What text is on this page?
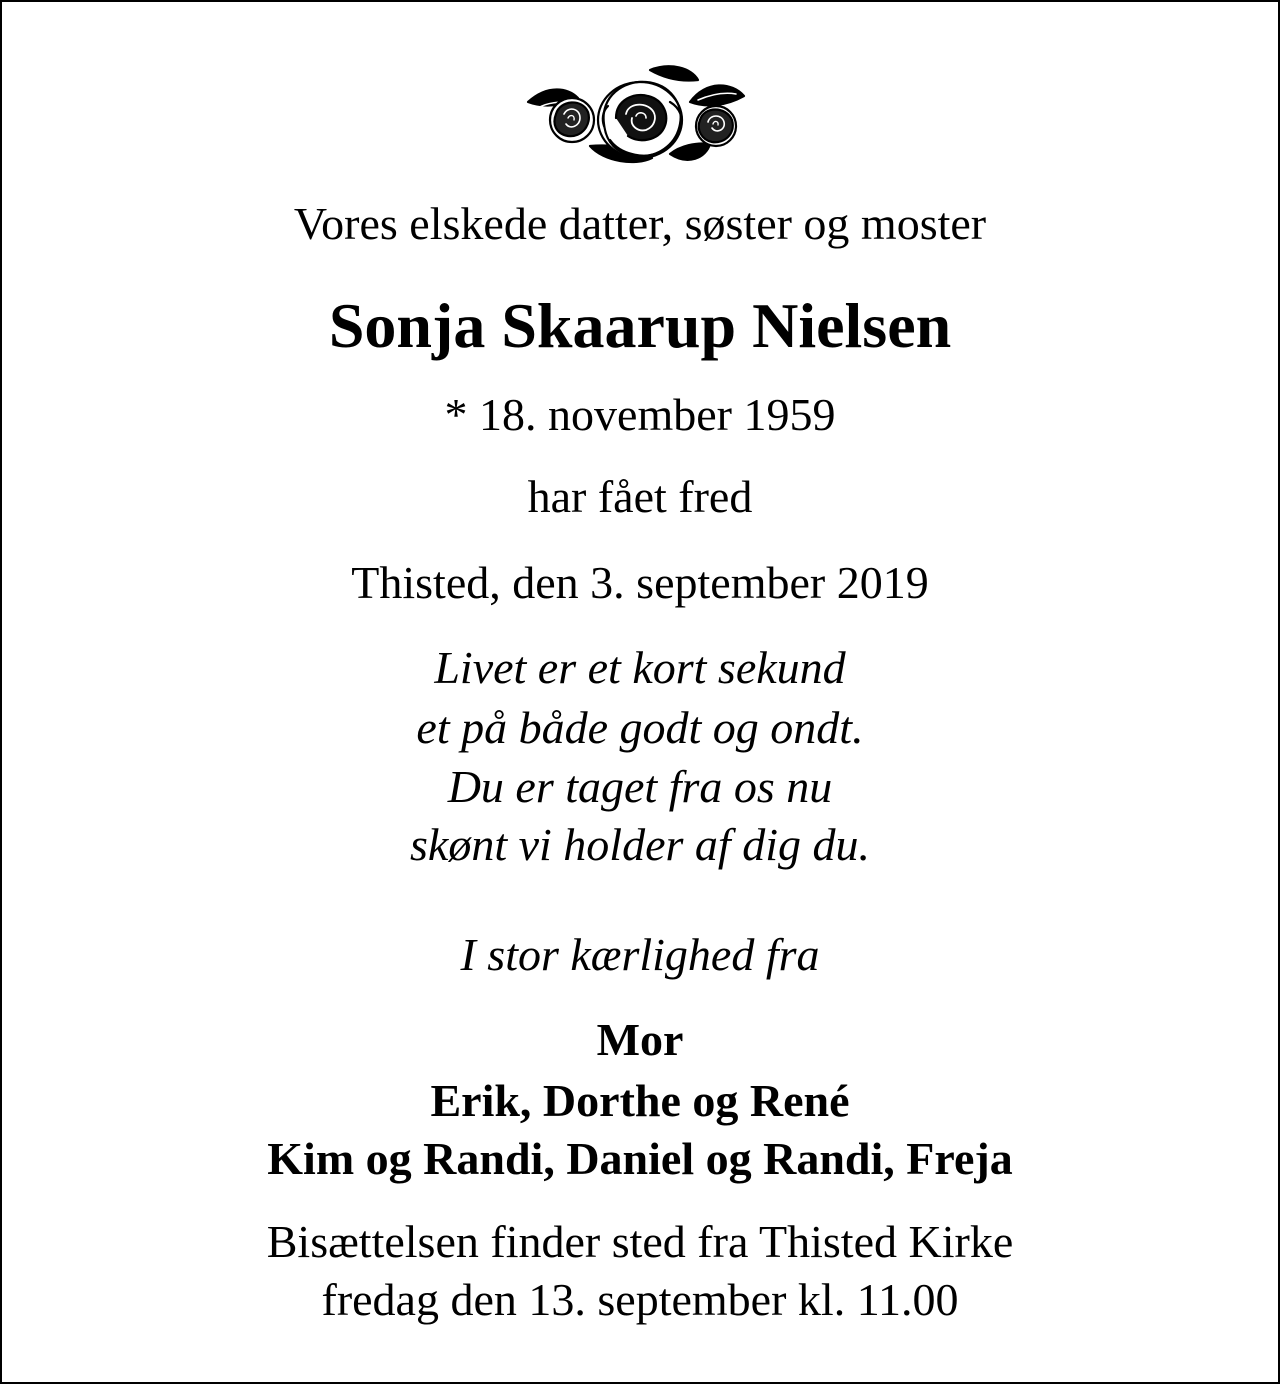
Vores elskede datter, søster og moster
Sonja Skaarup Nielsen
* 18. november 1959
har fået fred
Thisted, den 3. september 2019
Livet er et kort sekund
et på både godt og ondt.
Du er taget fra os nu
skønt vi holder af dig du.
I stor kærlighed fra
Mor
Erik, Dorthe og René
Kim og Randi, Daniel og Randi, Freja
Bisættelsen finder sted fra Thisted Kirke
fredag den 13. september kl. 11.00
